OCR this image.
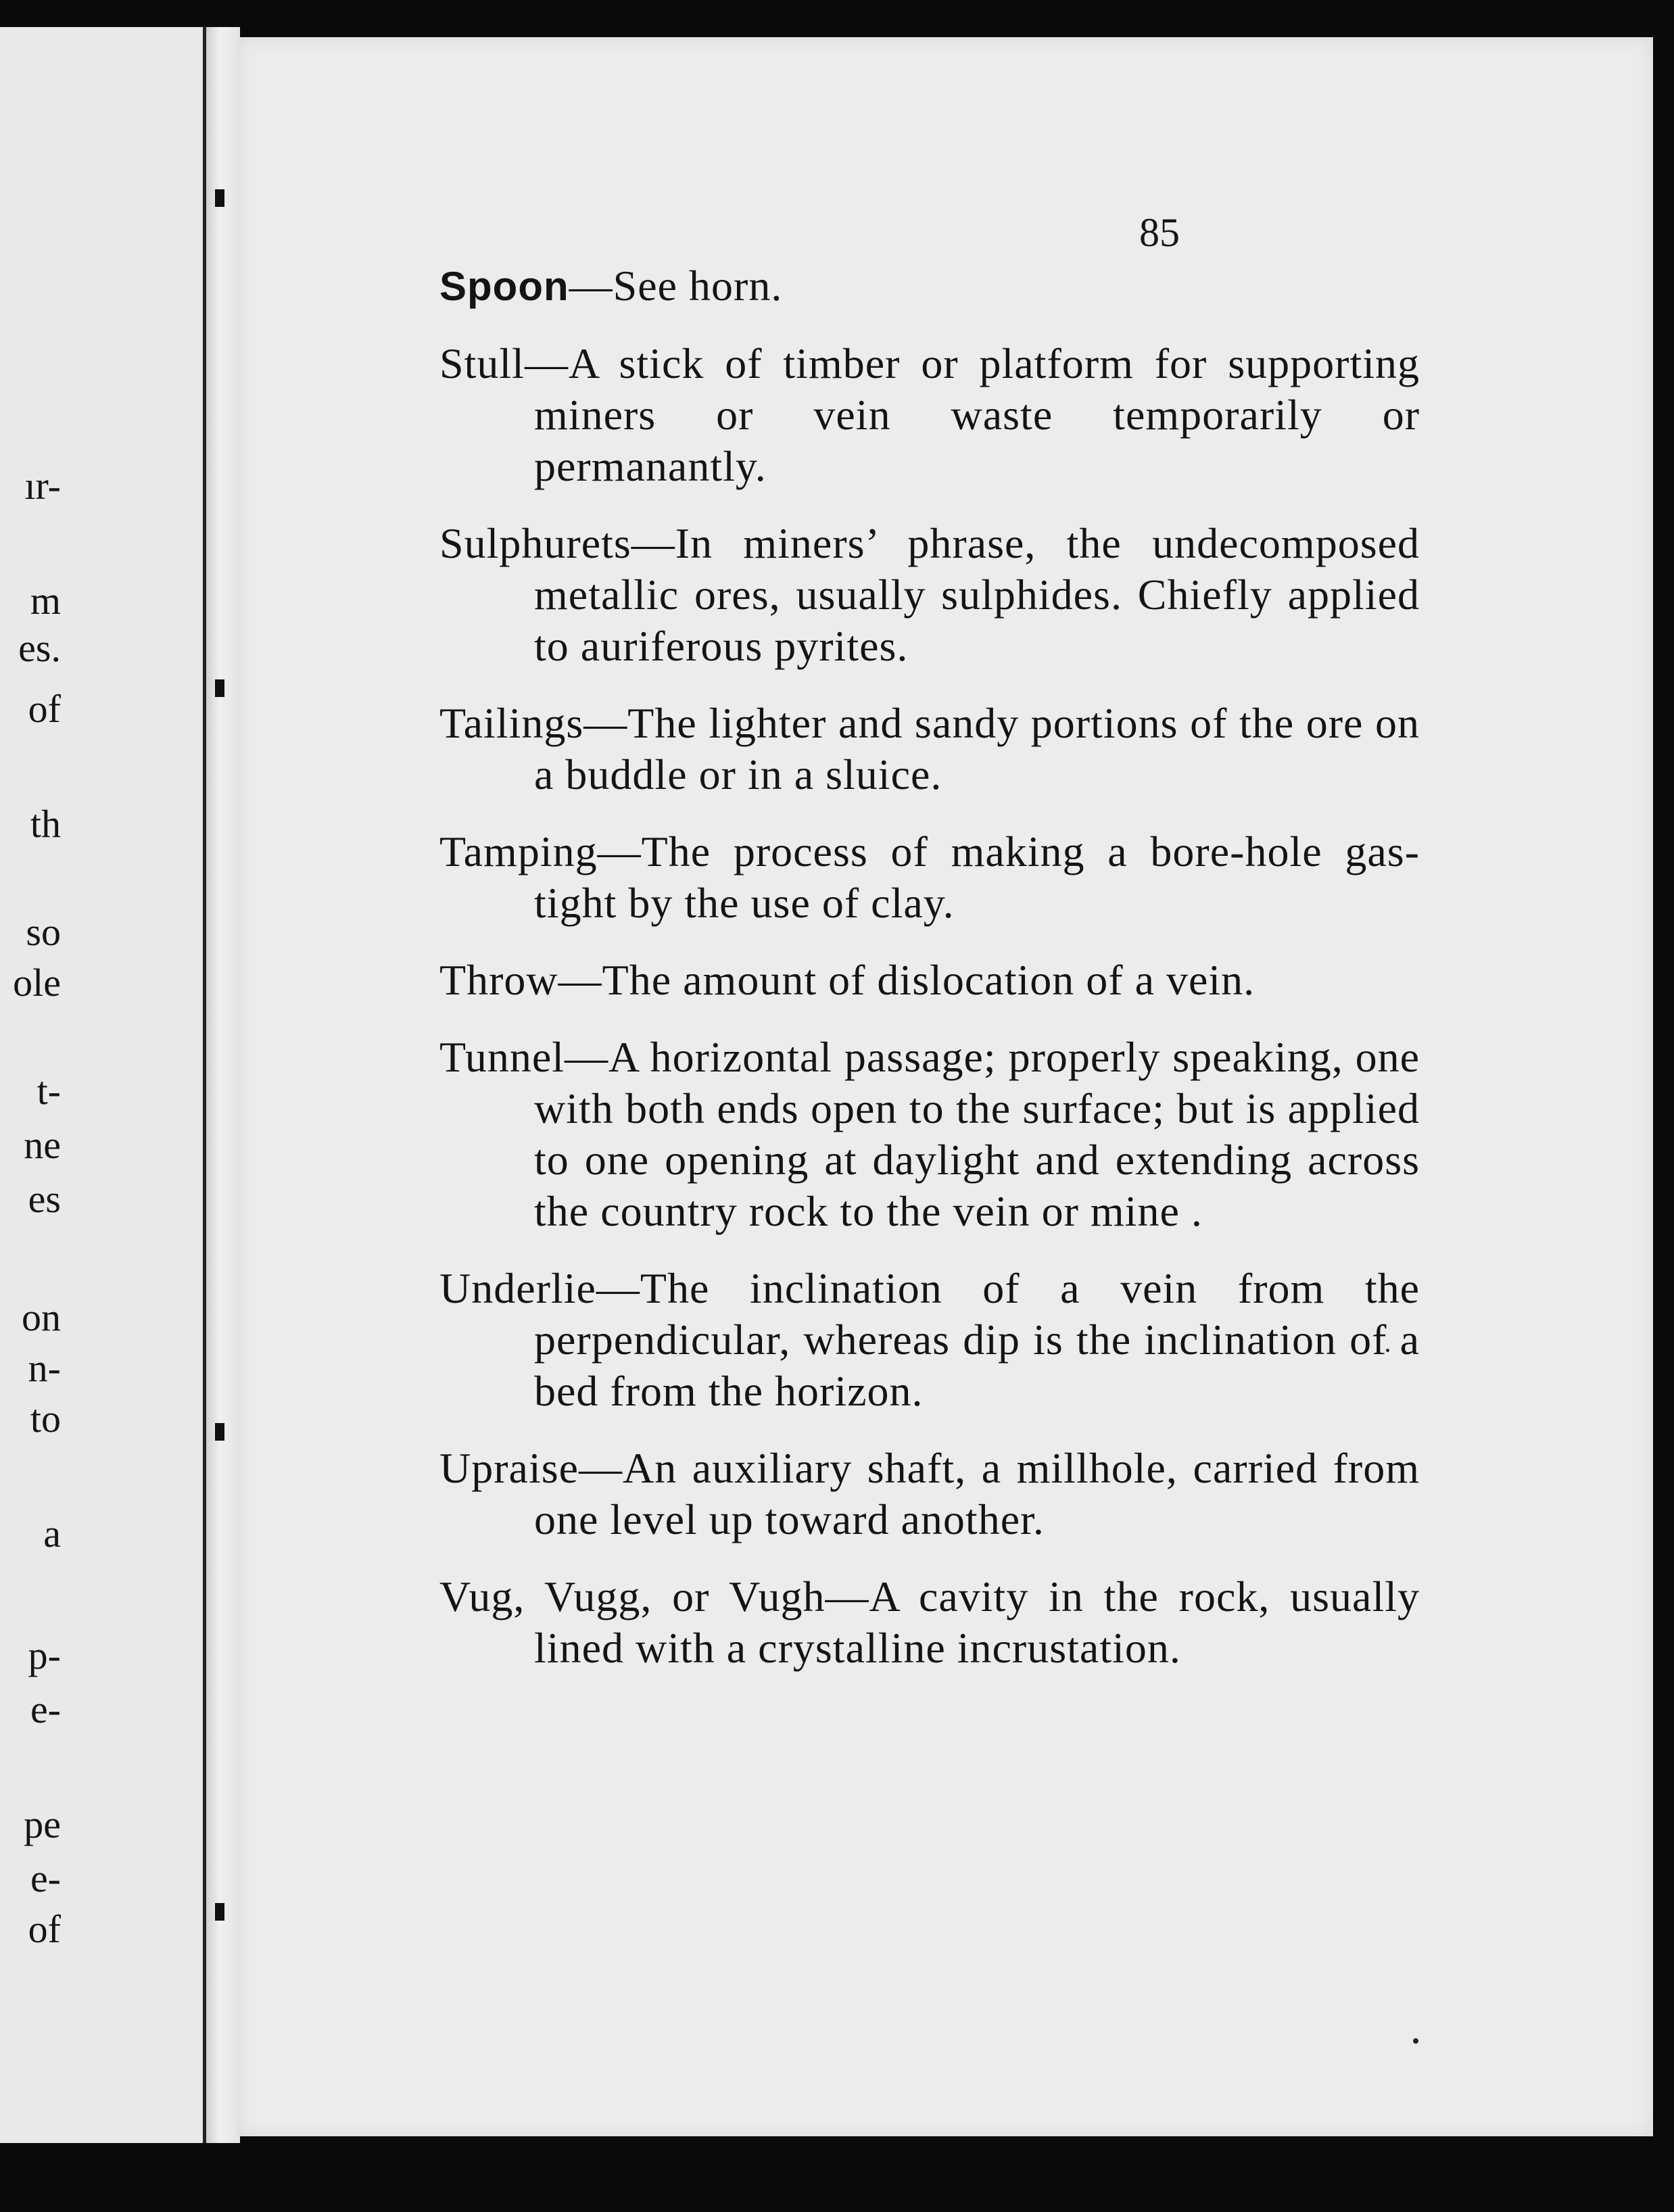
ır-
m
es.
of
th
so
ole
t-
ne
es
on
n-
to
a
p-
e-
pe
e-
of
85

Spoon—See horn.

Stull—A stick of timber or platform for supporting miners or vein waste temporarily or permanantly.

Sulphurets—In miners’ phrase, the undecomposed metallic ores, usually sulphides. Chiefly applied to auriferous pyrites.

Tailings—The lighter and sandy portions of the ore on a buddle or in a sluice.

Tamping—The process of making a bore-hole gas-tight by the use of clay.

Throw—The amount of dislocation of a vein.

Tunnel—A horizontal passage; properly speaking, one with both ends open to the surface; but is applied to one opening at daylight and extending across the country rock to the vein or mine .

Underlie—The inclination of a vein from the perpendicular, whereas dip is the inclination of a bed from the horizon.

Upraise—An auxiliary shaft, a millhole, carried from one level up toward another.

Vug, Vugg, or Vugh—A cavity in the rock, usually lined with a crystalline incrustation.
